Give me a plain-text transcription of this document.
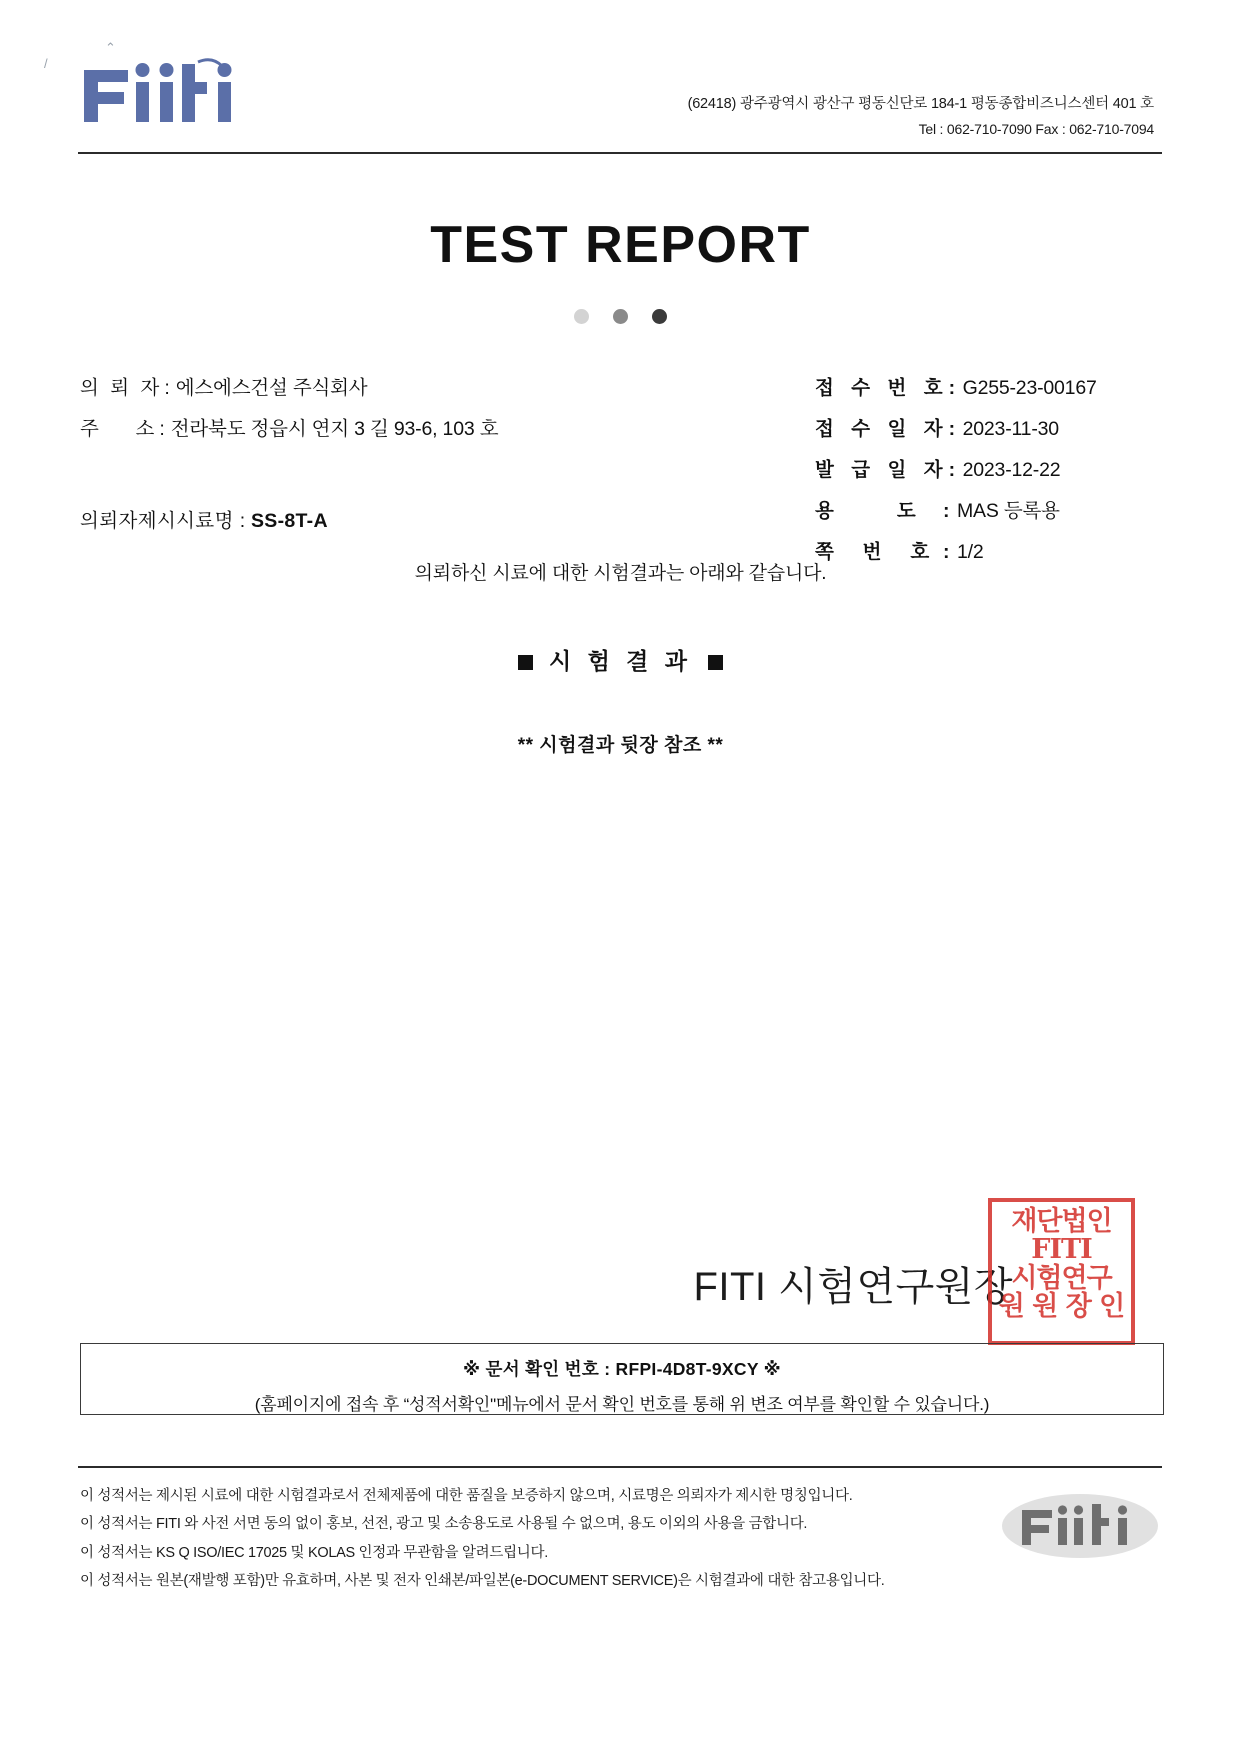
/
⌃
(62418) 광주광역시 광산구 평동신단로 184-1 평동종합비즈니스센터 401 호
Tel : 062-710-7090 Fax : 062-710-7094
TEST REPORT

의 뢰 자 : 에스에스건설 주식회사
주    소 : 전라북도 정읍시 연지 3 길 93-6, 103 호
의뢰자제시시료명 : SS-8T-A
접 수 번 호 : G255-23-00167
접 수 일 자 : 2023-11-30
발 급 일 자 : 2023-12-22
용     도	: MAS 등록용
쪽  번  호 : 1/2
의뢰하신 시료에 대한 시험결과는 아래와 같습니다.
시 험 결 과
** 시험결과 뒷장 참조 **
FITI 시험연구원장
재단법인
FITI
시험연구
원 원 장 인
※ 문서 확인 번호 : RFPI-4D8T-9XCY ※
(홈페이지에 접속 후 “성적서확인"메뉴에서 문서 확인 번호를 통해 위 변조 여부를 확인할 수 있습니다.)
이 성적서는 제시된 시료에 대한 시험결과로서 전체제품에 대한 품질을 보증하지 않으며, 시료명은 의뢰자가 제시한 명칭입니다.
이 성적서는 FITI 와 사전 서면 동의 없이 홍보, 선전, 광고 및 소송용도로 사용될 수 없으며, 용도 이외의 사용을 금합니다.
이 성적서는 KS Q ISO/IEC 17025 및 KOLAS 인정과 무관함을 알려드립니다.
이 성적서는 원본(재발행 포함)만 유효하며, 사본 및 전자 인쇄본/파일본(e-DOCUMENT SERVICE)은 시험결과에 대한 참고용입니다.
